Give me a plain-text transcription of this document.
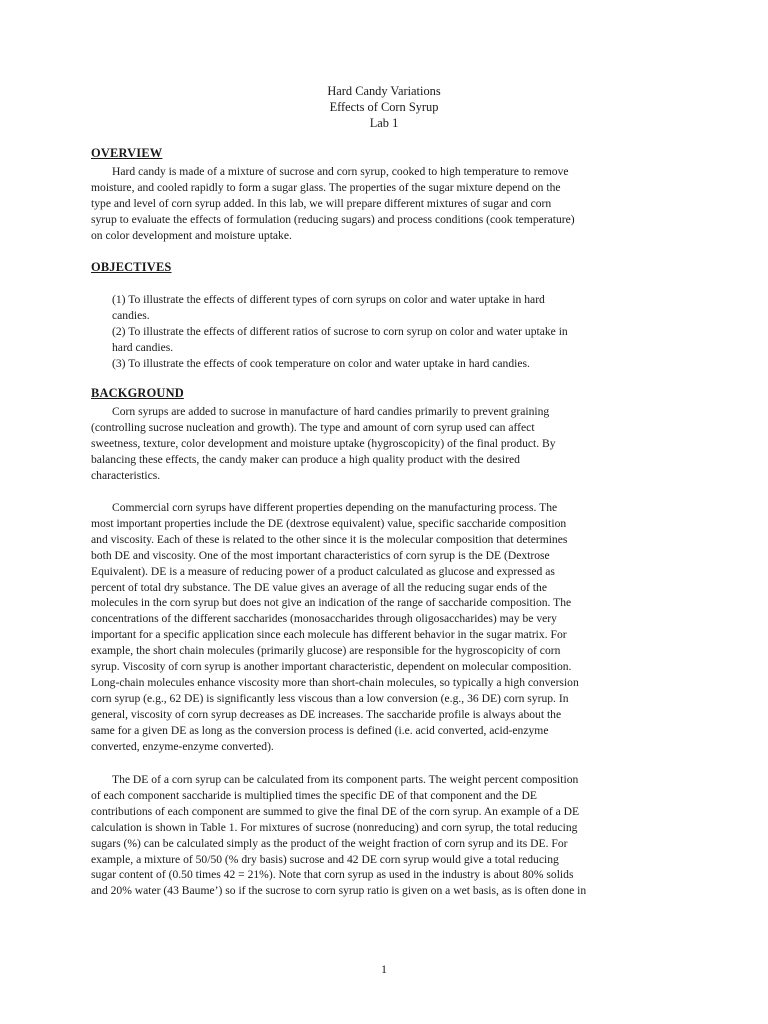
Hard Candy Variations
Effects of Corn Syrup
Lab 1
OVERVIEW
Hard candy is made of a mixture of sucrose and corn syrup, cooked to high temperature to remove
moisture, and cooled rapidly to form a sugar glass. The properties of the sugar mixture depend on the
type and level of corn syrup added. In this lab, we will prepare different mixtures of sugar and corn
syrup to evaluate the effects of formulation (reducing sugars) and process conditions (cook temperature)
on color development and moisture uptake.
OBJECTIVES
(1) To illustrate the effects of different types of corn syrups on color and water uptake in hard
candies.
(2) To illustrate the effects of different ratios of sucrose to corn syrup on color and water uptake in
hard candies.
(3) To illustrate the effects of cook temperature on color and water uptake in hard candies.
BACKGROUND
Corn syrups are added to sucrose in manufacture of hard candies primarily to prevent graining
(controlling sucrose nucleation and growth). The type and amount of corn syrup used can affect
sweetness, texture, color development and moisture uptake (hygroscopicity) of the final product. By
balancing these effects, the candy maker can produce a high quality product with the desired
characteristics.
Commercial corn syrups have different properties depending on the manufacturing process. The
most important properties include the DE (dextrose equivalent) value, specific saccharide composition
and viscosity. Each of these is related to the other since it is the molecular composition that determines
both DE and viscosity. One of the most important characteristics of corn syrup is the DE (Dextrose
Equivalent). DE is a measure of reducing power of a product calculated as glucose and expressed as
percent of total dry substance. The DE value gives an average of all the reducing sugar ends of the
molecules in the corn syrup but does not give an indication of the range of saccharide composition. The
concentrations of the different saccharides (monosaccharides through oligosaccharides) may be very
important for a specific application since each molecule has different behavior in the sugar matrix. For
example, the short chain molecules (primarily glucose) are responsible for the hygroscopicity of corn
syrup. Viscosity of corn syrup is another important characteristic, dependent on molecular composition.
Long-chain molecules enhance viscosity more than short-chain molecules, so typically a high conversion
corn syrup (e.g., 62 DE) is significantly less viscous than a low conversion (e.g., 36 DE) corn syrup. In
general, viscosity of corn syrup decreases as DE increases. The saccharide profile is always about the
same for a given DE as long as the conversion process is defined (i.e. acid converted, acid-enzyme
converted, enzyme-enzyme converted).
The DE of a corn syrup can be calculated from its component parts. The weight percent composition
of each component saccharide is multiplied times the specific DE of that component and the DE
contributions of each component are summed to give the final DE of the corn syrup. An example of a DE
calculation is shown in Table 1. For mixtures of sucrose (nonreducing) and corn syrup, the total reducing
sugars (%) can be calculated simply as the product of the weight fraction of corn syrup and its DE. For
example, a mixture of 50/50 (% dry basis) sucrose and 42 DE corn syrup would give a total reducing
sugar content of (0.50 times 42 = 21%). Note that corn syrup as used in the industry is about 80% solids
and 20% water (43 Baume’) so if the sucrose to corn syrup ratio is given on a wet basis, as is often done in
1
